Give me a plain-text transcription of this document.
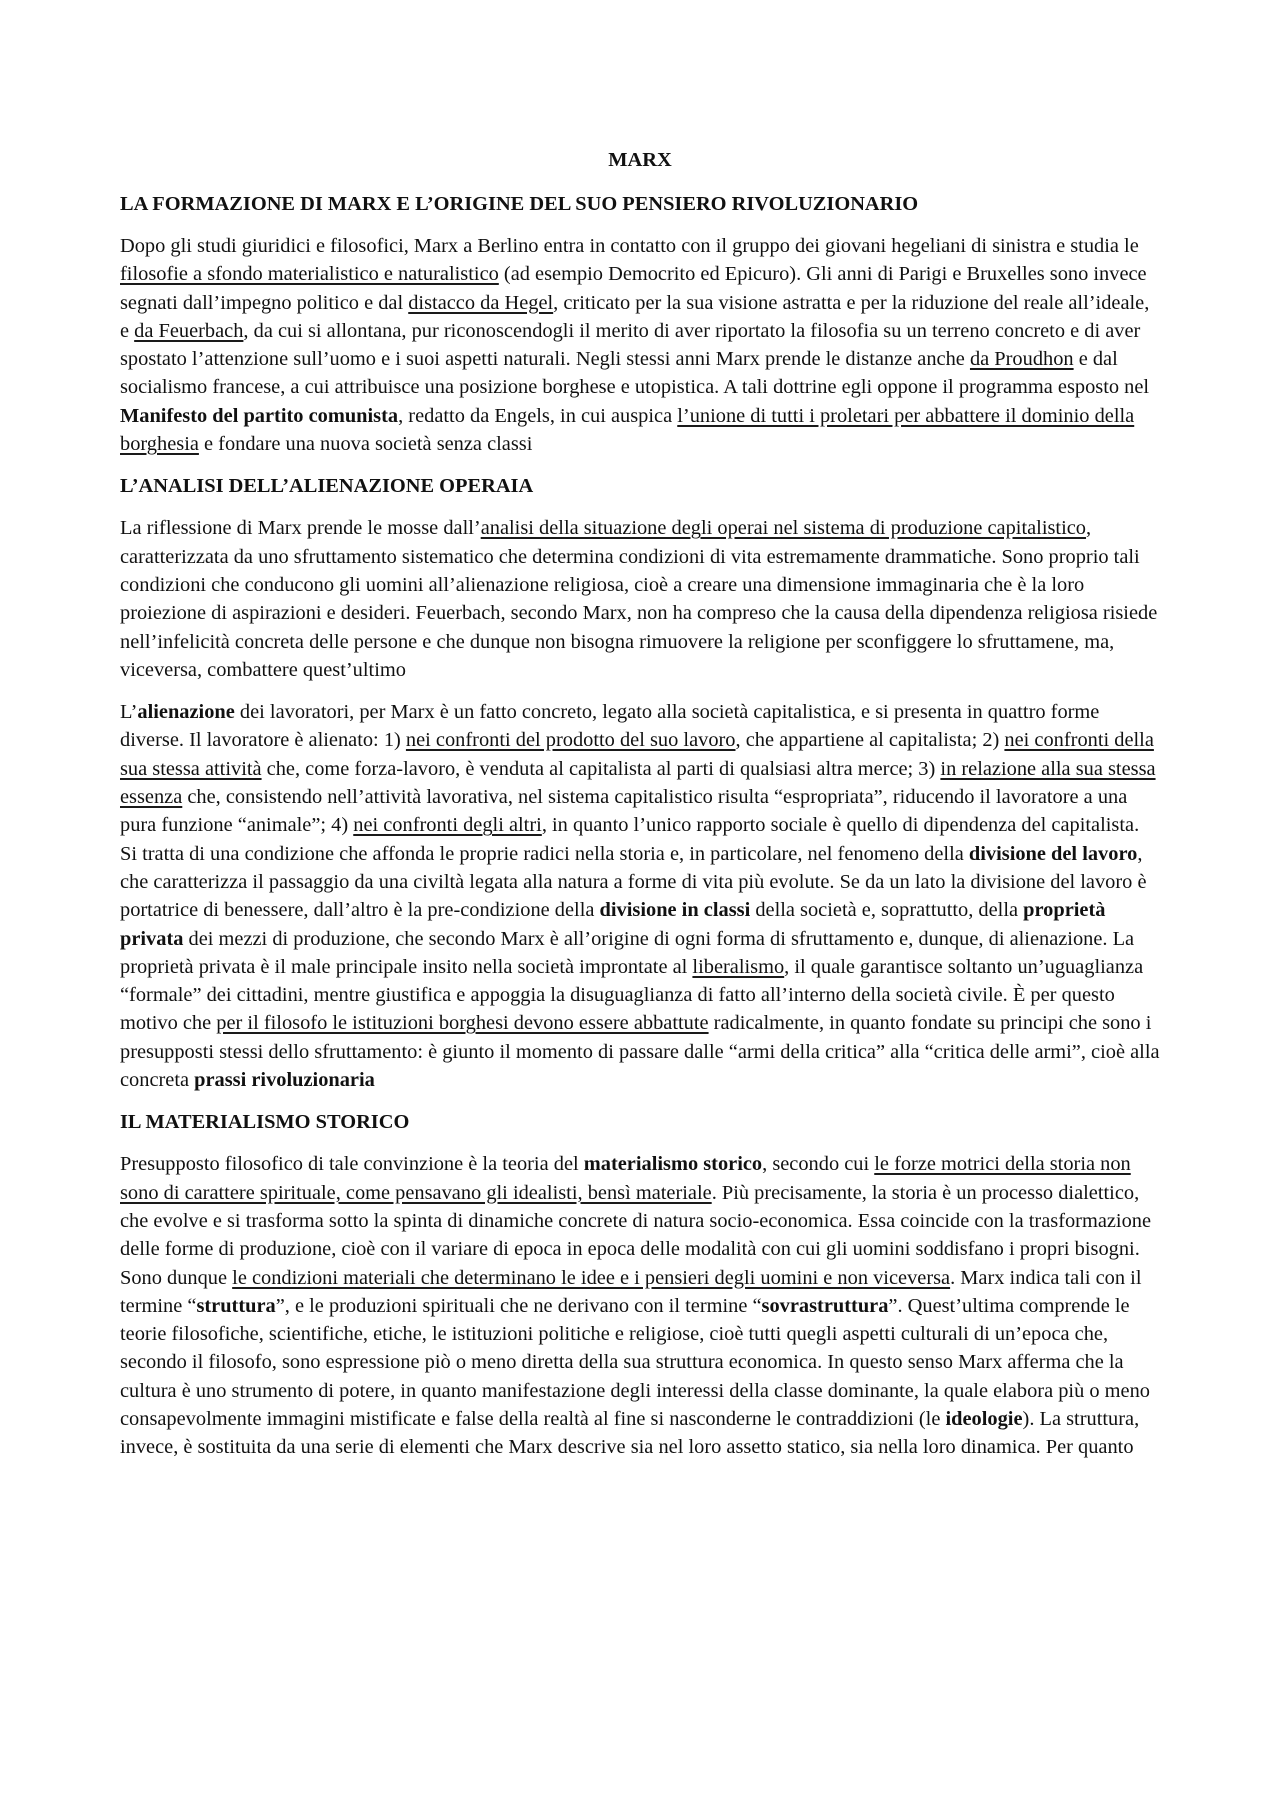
MARX
LA FORMAZIONE DI MARX E L’ORIGINE DEL SUO PENSIERO RIVOLUZIONARIO

Dopo gli studi giuridici e filosofici, Marx a Berlino entra in contatto con il gruppo dei giovani hegeliani di sinistra e studia le filosofie a sfondo materialistico e naturalistico (ad esempio Democrito ed Epicuro). Gli anni di Parigi e Bruxelles sono invece segnati dall’impegno politico e dal distacco da Hegel, criticato per la sua visione astratta e per la riduzione del reale all’ideale, e da Feuerbach, da cui si allontana, pur riconoscendogli il merito di aver riportato la filosofia su un terreno concreto e di aver spostato l’attenzione sull’uomo e i suoi aspetti naturali. Negli stessi anni Marx prende le distanze anche da Proudhon e dal socialismo francese, a cui attribuisce una posizione borghese e utopistica. A tali dottrine egli oppone il programma esposto nel Manifesto del partito comunista, redatto da Engels, in cui auspica l’unione di tutti i proletari per abbattere il dominio della borghesia e fondare una nuova società senza classi

L’ANALISI DELL’ALIENAZIONE OPERAIA

La riflessione di Marx prende le mosse dall’analisi della situazione degli operai nel sistema di produzione capitalistico, caratterizzata da uno sfruttamento sistematico che determina condizioni di vita estremamente drammatiche. Sono proprio tali condizioni che conducono gli uomini all’alienazione religiosa, cioè a creare una dimensione immaginaria che è la loro proiezione di aspirazioni e desideri. Feuerbach, secondo Marx, non ha compreso che la causa della dipendenza religiosa risiede nell’infelicità concreta delle persone e che dunque non bisogna rimuovere la religione per sconfiggere lo sfruttamene, ma, viceversa, combattere quest’ultimo

L’alienazione dei lavoratori, per Marx è un fatto concreto, legato alla società capitalistica, e si presenta in quattro forme diverse. Il lavoratore è alienato: 1) nei confronti del prodotto del suo lavoro, che appartiene al capitalista; 2) nei confronti della sua stessa attività che, come forza-lavoro, è venduta al capitalista al parti di qualsiasi altra merce; 3) in relazione alla sua stessa essenza che, consistendo nell’attività lavorativa, nel sistema capitalistico risulta “espropriata”, riducendo il lavoratore a una pura funzione “animale”; 4) nei confronti degli altri, in quanto l’unico rapporto sociale è quello di dipendenza del capitalista. Si tratta di una condizione che affonda le proprie radici nella storia e, in particolare, nel fenomeno della divisione del lavoro, che caratterizza il passaggio da una civiltà legata alla natura a forme di vita più evolute. Se da un lato la divisione del lavoro è portatrice di benessere, dall’altro è la pre-condizione della divisione in classi della società e, soprattutto, della proprietà privata dei mezzi di produzione, che secondo Marx è all’origine di ogni forma di sfruttamento e, dunque, di alienazione. La proprietà privata è il male principale insito nella società improntate al liberalismo, il quale garantisce soltanto un’uguaglianza “formale” dei cittadini, mentre giustifica e appoggia la disuguaglianza di fatto all’interno della società civile. È per questo motivo che per il filosofo le istituzioni borghesi devono essere abbattute radicalmente, in quanto fondate su principi che sono i presupposti stessi dello sfruttamento: è giunto il momento di passare dalle “armi della critica” alla “critica delle armi”, cioè alla concreta prassi rivoluzionaria

IL MATERIALISMO STORICO

Presupposto filosofico di tale convinzione è la teoria del materialismo storico, secondo cui le forze motrici della storia non sono di carattere spirituale, come pensavano gli idealisti, bensì materiale. Più precisamente, la storia è un processo dialettico, che evolve e si trasforma sotto la spinta di dinamiche concrete di natura socio-economica. Essa coincide con la trasformazione delle forme di produzione, cioè con il variare di epoca in epoca delle modalità con cui gli uomini soddisfano i propri bisogni. Sono dunque le condizioni materiali che determinano le idee e i pensieri degli uomini e non viceversa. Marx indica tali con il termine “struttura”, e le produzioni spirituali che ne derivano con il termine “sovrastruttura”. Quest’ultima comprende le teorie filosofiche, scientifiche, etiche, le istituzioni politiche e religiose, cioè tutti quegli aspetti culturali di un’epoca che, secondo il filosofo, sono espressione piò o meno diretta della sua struttura economica. In questo senso Marx afferma che la cultura è uno strumento di potere, in quanto manifestazione degli interessi della classe dominante, la quale elabora più o meno consapevolmente immagini mistificate e false della realtà al fine si nasconderne le contraddizioni (le ideologie). La struttura, invece, è sostituita da una serie di elementi che Marx descrive sia nel loro assetto statico, sia nella loro dinamica. Per quanto
